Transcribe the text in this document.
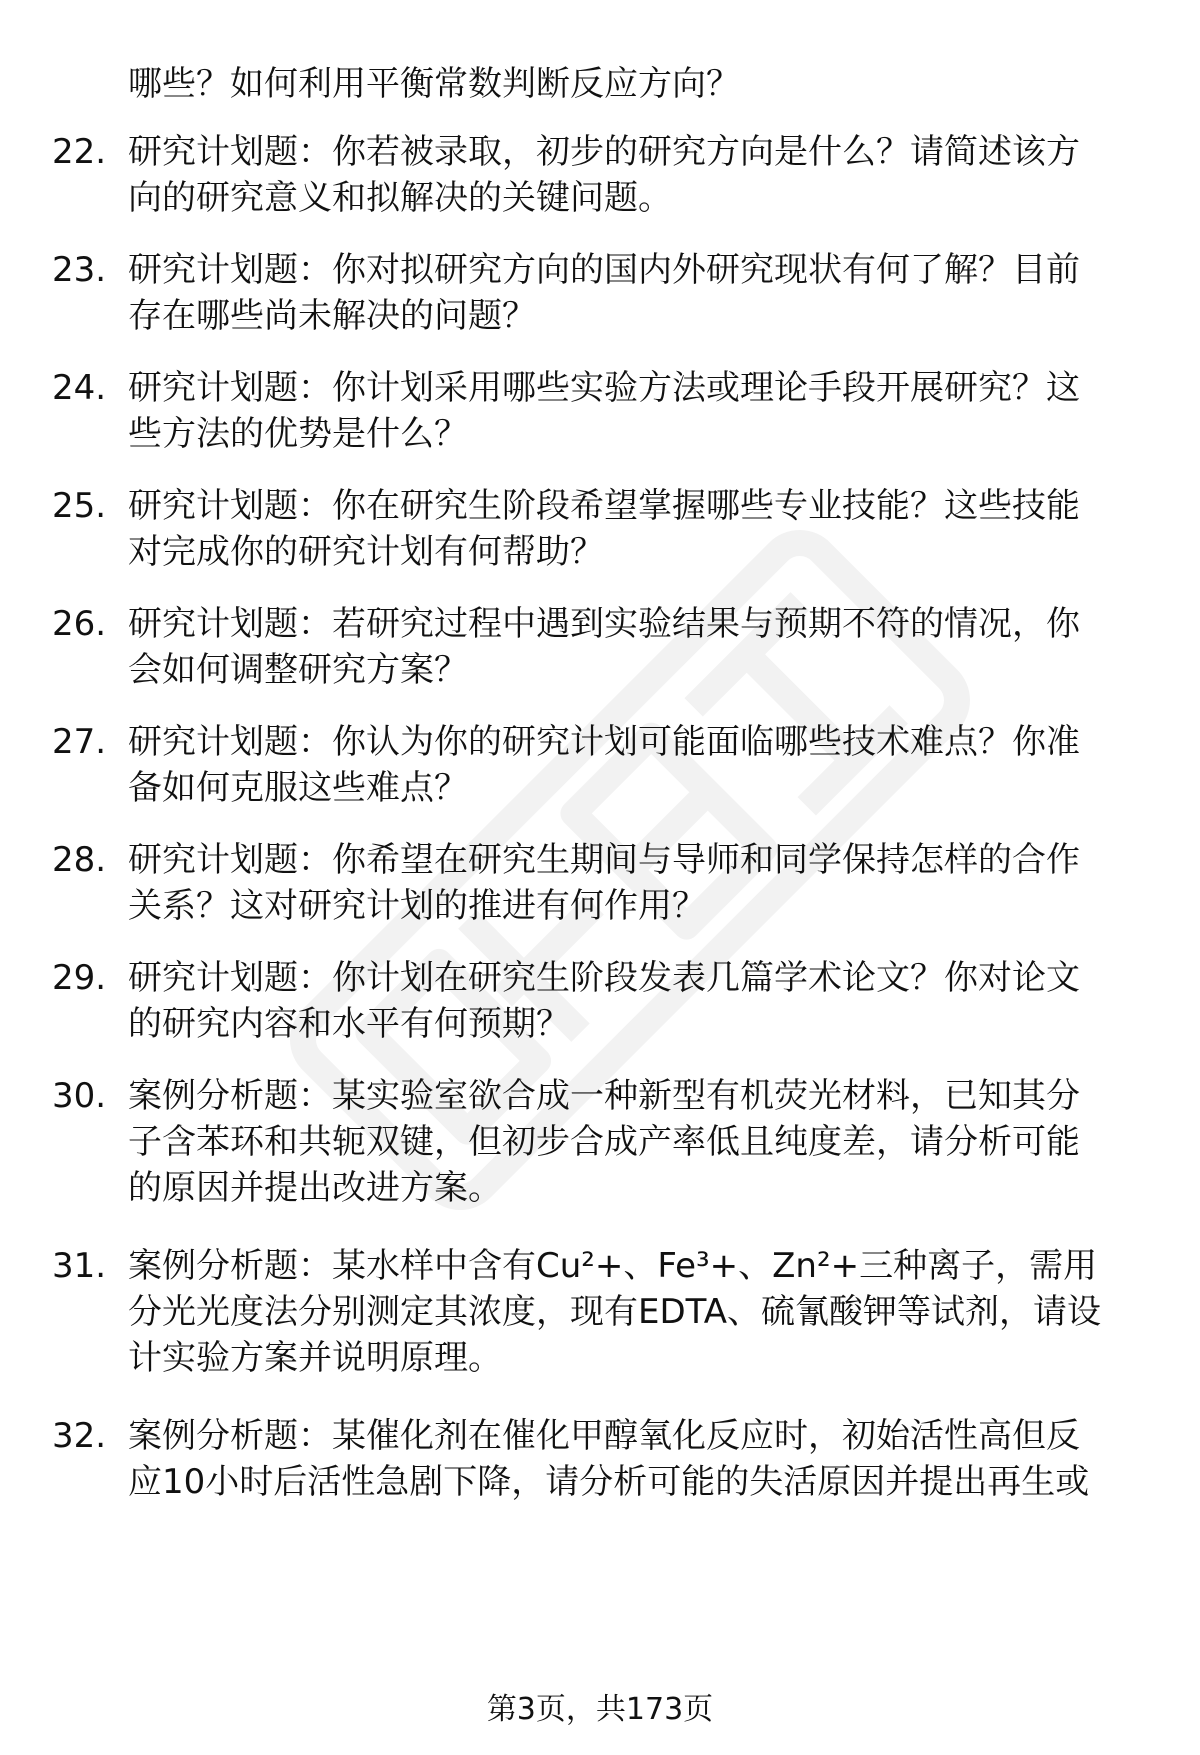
哪些？如何利用平衡常数判断反应方向？
22. 研究计划题：你若被录取，初步的研究方向是什么？请简述该方
向的研究意义和拟解决的关键问题。
23. 研究计划题：你对拟研究方向的国内外研究现状有何了解？目前
存在哪些尚未解决的问题？
24. 研究计划题：你计划采用哪些实验方法或理论手段开展研究？这
些方法的优势是什么？
25. 研究计划题：你在研究生阶段希望掌握哪些专业技能？这些技能
对完成你的研究计划有何帮助？
26. 研究计划题：若研究过程中遇到实验结果与预期不符的情况，你
会如何调整研究方案？
27. 研究计划题：你认为你的研究计划可能面临哪些技术难点？你准
备如何克服这些难点？
28. 研究计划题：你希望在研究生期间与导师和同学保持怎样的合作
关系？这对研究计划的推进有何作用？
29. 研究计划题：你计划在研究生阶段发表几篇学术论文？你对论文
的研究内容和水平有何预期？
30. 案例分析题：某实验室欲合成一种新型有机荧光材料，已知其分
子含苯环和共轭双键，但初步合成产率低且纯度差，请分析可能
的原因并提出改进方案。
31. 案例分析题：某水样中含有Cu²+、Fe³+、Zn²+三种离子，需用
分光光度法分别测定其浓度，现有EDTA、硫氰酸钾等试剂，请设
计实验方案并说明原理。
32. 案例分析题：某催化剂在催化甲醇氧化反应时，初始活性高但反
应10小时后活性急剧下降，请分析可能的失活原因并提出再生或
第3页，共173页
